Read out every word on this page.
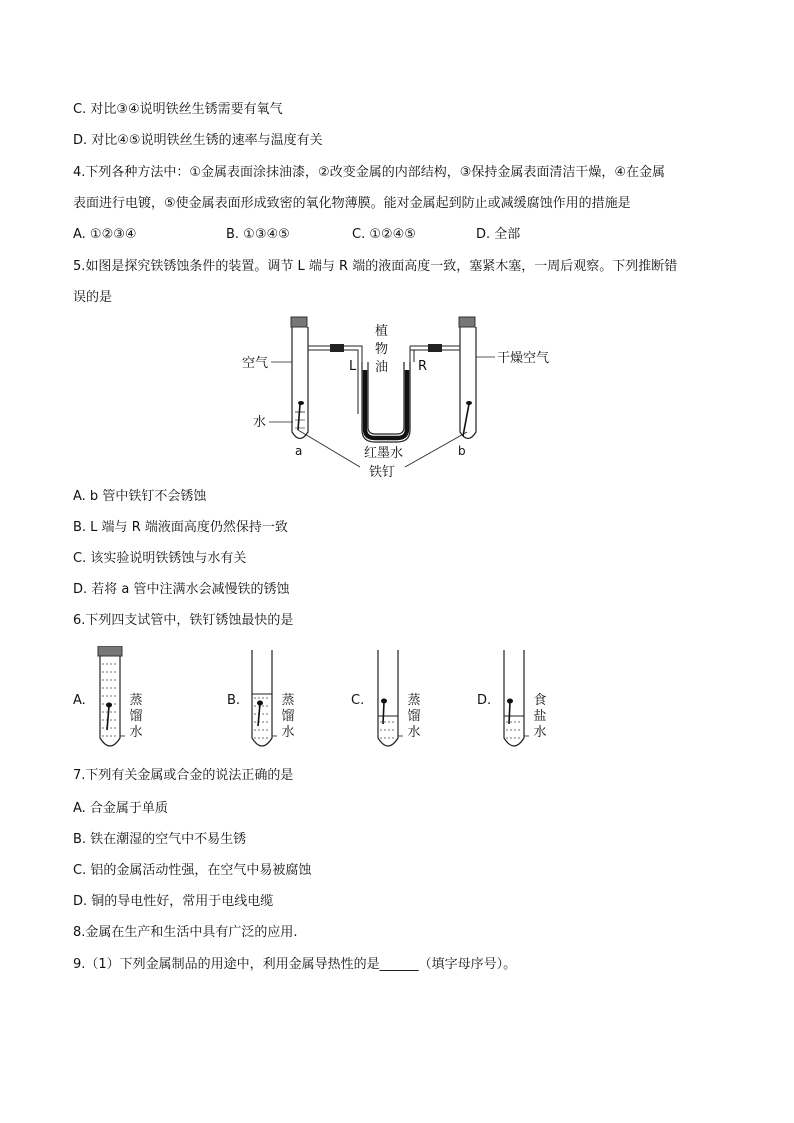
C. 对比③④说明铁丝生锈需要有氧气
D. 对比④⑤说明铁丝生锈的速率与温度有关
4.下列各种方法中：①金属表面涂抹油漆，②改变金属的内部结构，③保持金属表面清洁干燥，④在金属
表面进行电镀，⑤使金属表面形成致密的氧化物薄膜。能对金属起到防止或减缓腐蚀作用的措施是
A. ①②③④	B. ①③④⑤	C. ①②④⑤	D. 全部
5.如图是探究铁锈蚀条件的装置。调节 L 端与 R 端的液面高度一致，塞紧木塞，一周后观察。下列推断错
误的是
空气	干燥空气
植
物
油
L	R
水
红墨水
a	b
铁钉
A. b 管中铁钉不会锈蚀
B. L 端与 R 端液面高度仍然保持一致
C. 该实验说明铁锈蚀与水有关
D. 若将 a 管中注满水会减慢铁的锈蚀
6.下列四支试管中，铁钉锈蚀最快的是
A.	蒸
馏
水
B.	蒸
馏
水
C.	蒸
馏
水
D.	食
盐
水
7.下列有关金属或合金的说法正确的是
A. 合金属于单质
B. 铁在潮湿的空气中不易生锈
C. 铝的金属活动性强，在空气中易被腐蚀
D. 铜的导电性好，常用于电线电缆
8.金属在生产和生活中具有广泛的应用.
9.（1）下列金属制品的用途中，利用金属导热性的是______（填字母序号）。
